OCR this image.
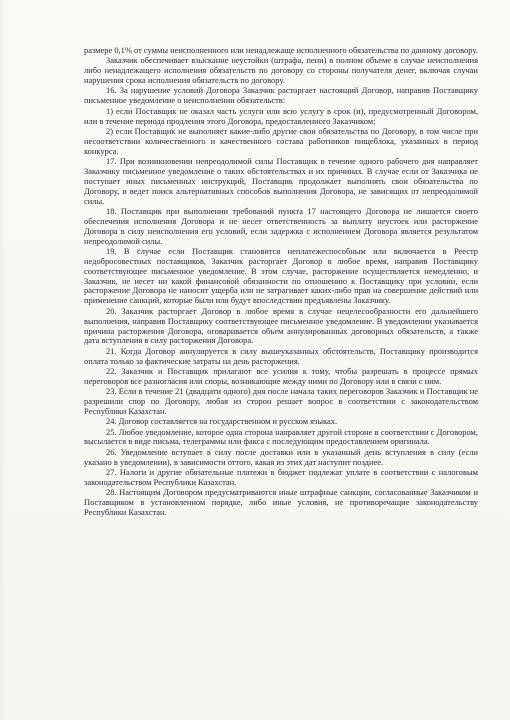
размере 0,1% от суммы неисполненного или ненадлежаще исполненного обязательства по данному договору.

Заказчик обеспечивает взыскание неустойки (штрафа, пени) в полном объеме в случае неисполнения либо ненадлежащего исполнения обязательств по договору со стороны получателя денег, включая случаи нарушения срока исполнения обязательств по договору.

16. За нарушение условий Договора Заказчик расторгает настоящий Договор, направив Поставщику письменное уведомление о неисполнении обязательств:

1) если Поставщик не оказал часть услуги или всю услугу в срок (и), предусмотренный Договором, или в течение периода продления этого Договора, предоставленного Заказчиком;

2) если Поставщик не выполняет какие-либо другие свои обязательства по Договору, в том числе при несоответствии количественного и качественного состава работников пищеблока, указанных в период конкурса.

17. При возникновении непреодолимой силы Поставщик в течение одного рабочего дня направляет Заказчику письменное уведомление о таких обстоятельствах и их причинах. В случае если от Заказчика не поступает иных письменных инструкций, Поставщик продолжает выполнять свои обязательства по Договору, и ведет поиск альтернативных способов выполнения Договора, не зависящих от непреодолимой силы.

18. Поставщик при выполнении требований пункта 17 настоящего Договора не лишается своего обеспечения исполнения Договора и не несет ответственность за выплату неустоек или расторжение Договора в силу неисполнения его условий, если задержка с исполнением Договора является результатом непреодолимой силы.

19. В случае если Поставщик становится неплатежеспособным или включается в Реестр недобросовестных поставщиков, Заказчик расторгает Договор в любое время, направив Поставщику соответствующее письменное уведомление. В этом случае, расторжение осуществляется немедленно, и Заказчик, не несет ни какой финансовой обязанности по отношению к Поставщику при условии, если расторжение Договора не наносит ущерба или не затрагивает каких-либо прав на совершение действий или применение санкций, которые были или будут впоследствии предъявлены Заказчику.

20. Заказчик расторгает Договор в любое время в случае нецелесообразности его дальнейшего выполнения, направив Поставщику соответствующее письменное уведомление. В уведомлении указывается причина расторжения Договора, оговаривается объем аннулированных договорных обязательств, а также дата вступления в силу расторжения Договора.

21. Когда Договор аннулируется в силу вышеуказанных обстоятельств, Поставщику производится оплата только за фактические затраты на день расторжения.

22. Заказчик и Поставщик прилагают все усилия к тому, чтобы разрешать в процессе прямых переговоров все разногласия или споры, возникающие между ними по Договору или в связи с ним.

23. Если в течение 21 (двадцати одного) дня после начала таких переговоров Заказчик и Поставщик не разрешили спор по Договору, любая из сторон решает вопрос в соответствии с законодательством Республики Казахстан.

24. Договор составляется на государственном и русском языках.

25. Любое уведомление, которое одна сторона направляет другой стороне в соответствии с Договором, высылается в виде письма, телеграммы или факса с последующим предоставлением оригинала.

26. Уведомление вступает в силу после доставки или в указанный день вступления в силу (если указано в уведомлении), в зависимости оттого, какая из этих дат наступит позднее.

27. Налоги и другие обязательные платежи в бюджет подлежат уплате в соответствии с налоговым законодательством Республики Казахстан.

28. Настоящим Договором предусматриваются иные штрафные санкции, согласованные Заказчиком и Поставщиком в установленном порядке, либо иные условия, не противоречащие законодательству Республики Казахстан.
